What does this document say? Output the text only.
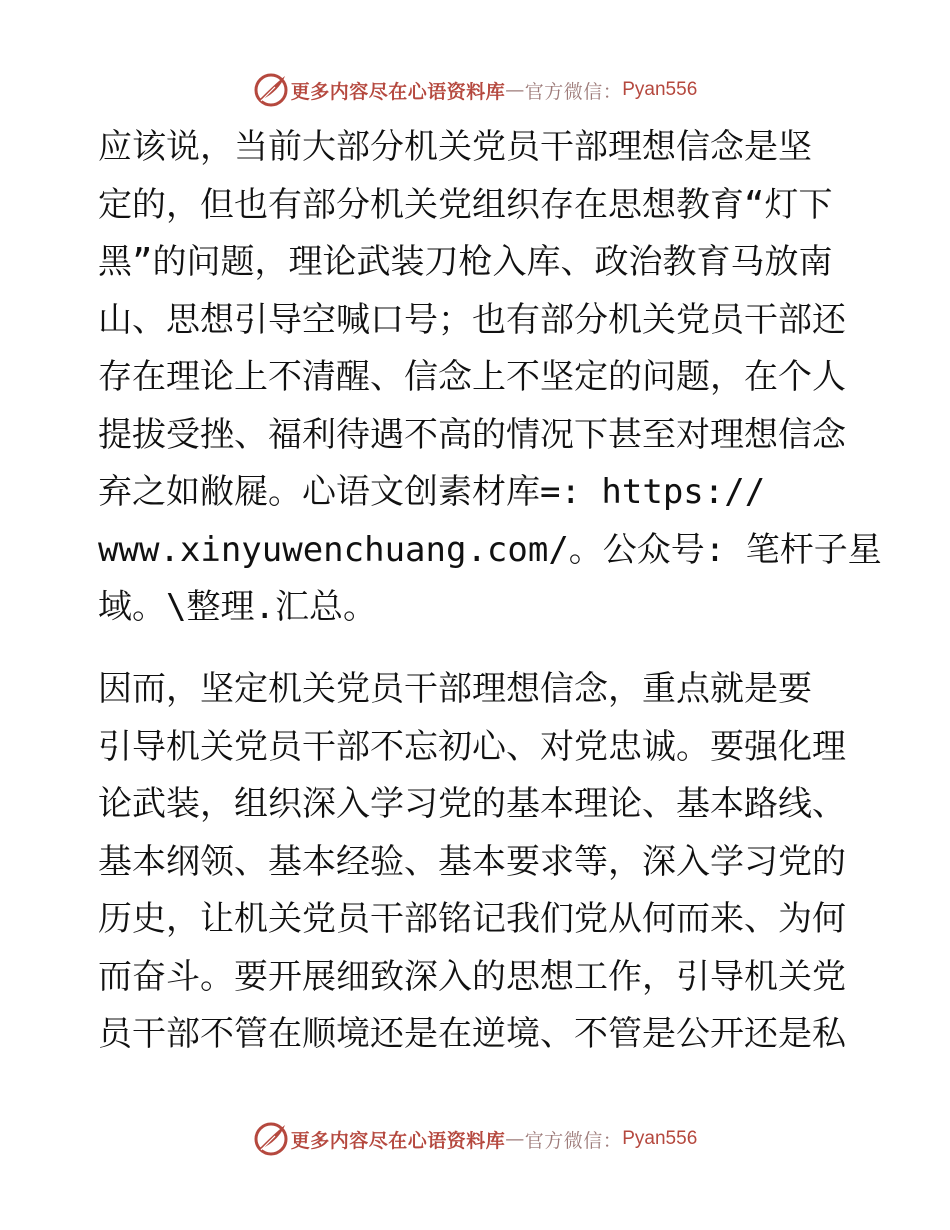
更多内容尽在心语资料库 — 官方微信： Pyan556
应该说，当前大部分机关党员干部理想信念是坚
定的，但也有部分机关党组织存在思想教育“灯下
黑”的问题，理论武装刀枪入库、政治教育马放南
山、思想引导空喊口号；也有部分机关党员干部还
存在理论上不清醒、信念上不坚定的问题，在个人
提拔受挫、福利待遇不高的情况下甚至对理想信念
弃之如敝屣。心语文创素材库=: https://
www.xinyuwenchuang.com/。公众号: 笔杆子星
域。\整理.汇总。
因而，坚定机关党员干部理想信念，重点就是要
引导机关党员干部不忘初心、对党忠诚。要强化理
论武装，组织深入学习党的基本理论、基本路线、
基本纲领、基本经验、基本要求等，深入学习党的
历史，让机关党员干部铭记我们党从何而来、为何
而奋斗。要开展细致深入的思想工作，引导机关党
员干部不管在顺境还是在逆境、不管是公开还是私
更多内容尽在心语资料库 — 官方微信： Pyan556
